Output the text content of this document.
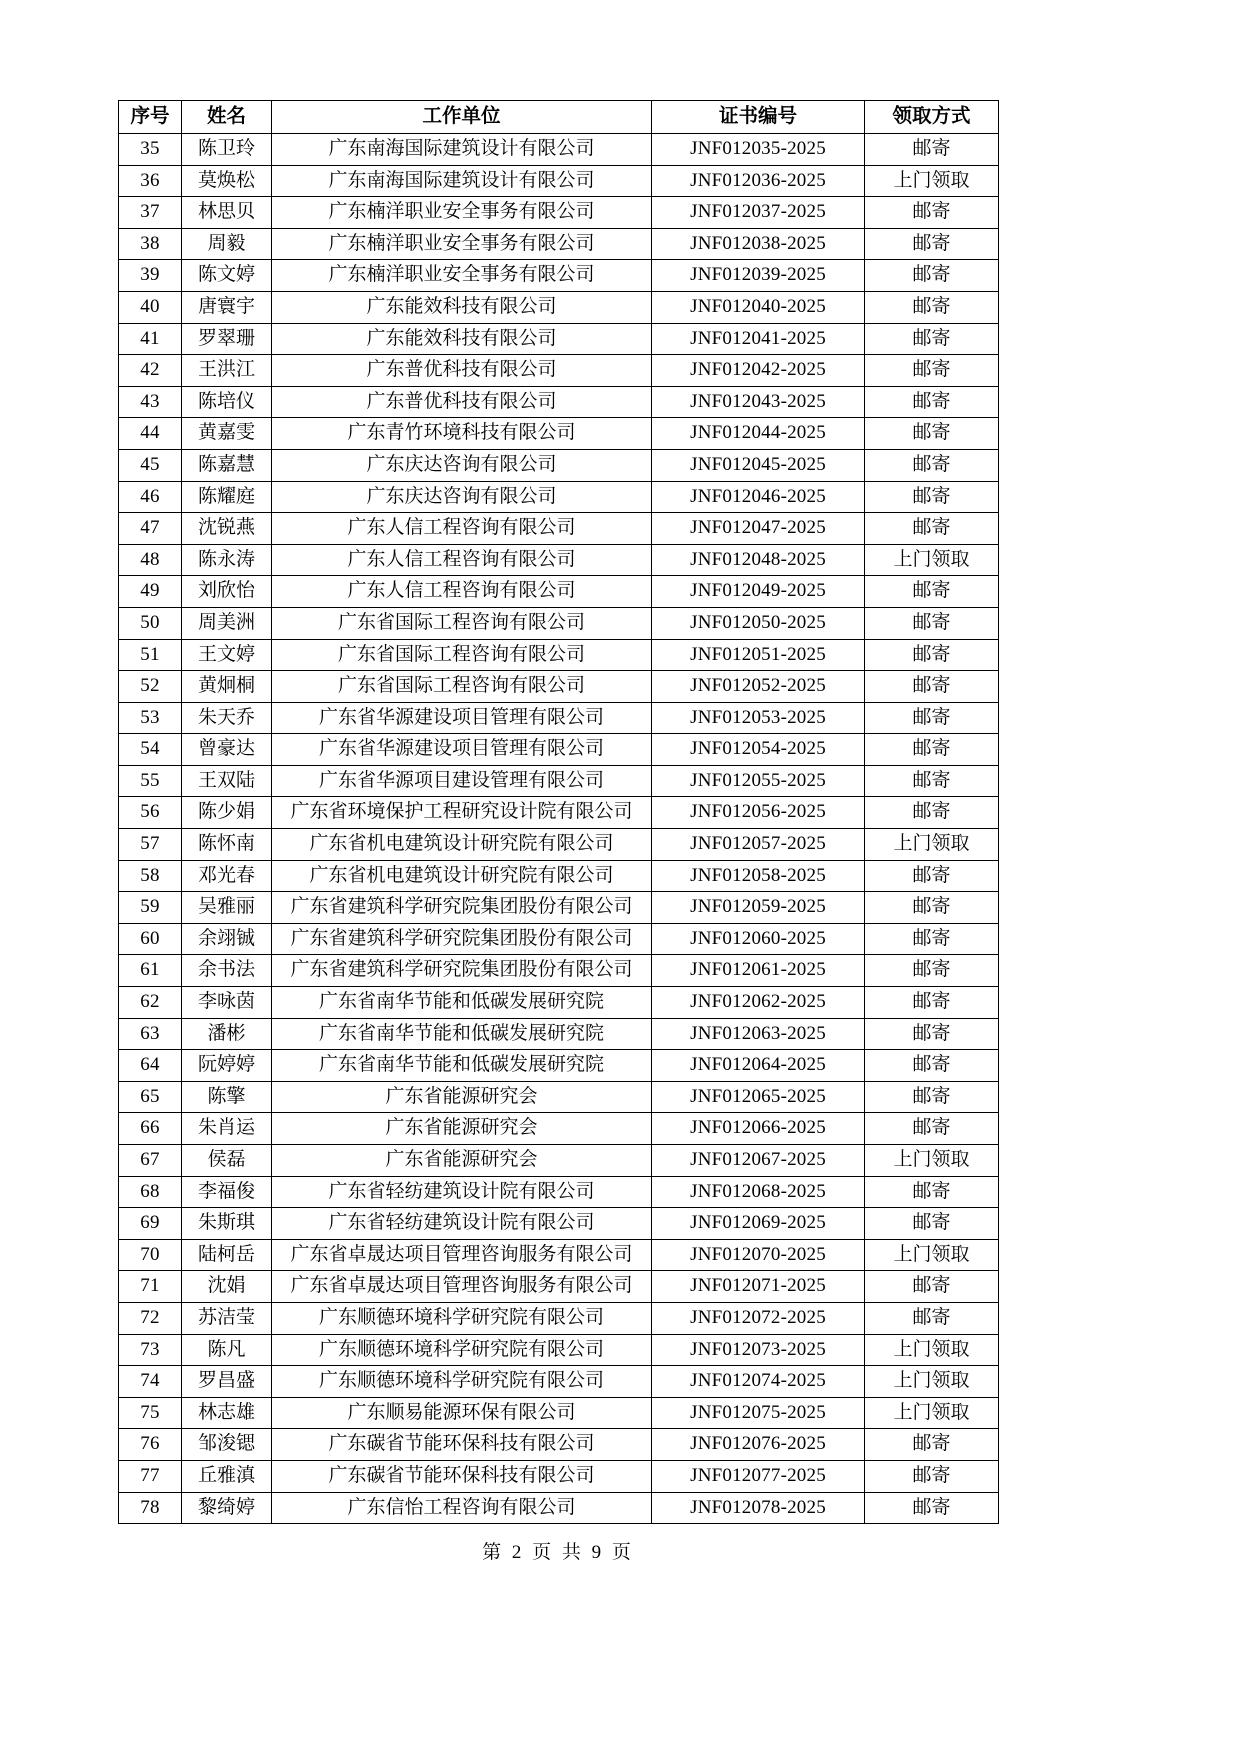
序号	姓名	工作单位	证书编号	领取方式
35	陈卫玲	广东南海国际建筑设计有限公司	JNF012035-2025	邮寄
36	莫焕松	广东南海国际建筑设计有限公司	JNF012036-2025	上门领取
37	林思贝	广东楠洋职业安全事务有限公司	JNF012037-2025	邮寄
38	周毅	广东楠洋职业安全事务有限公司	JNF012038-2025	邮寄
39	陈文婷	广东楠洋职业安全事务有限公司	JNF012039-2025	邮寄
40	唐寰宇	广东能效科技有限公司	JNF012040-2025	邮寄
41	罗翠珊	广东能效科技有限公司	JNF012041-2025	邮寄
42	王洪江	广东普优科技有限公司	JNF012042-2025	邮寄
43	陈培仪	广东普优科技有限公司	JNF012043-2025	邮寄
44	黄嘉雯	广东青竹环境科技有限公司	JNF012044-2025	邮寄
45	陈嘉慧	广东庆达咨询有限公司	JNF012045-2025	邮寄
46	陈耀庭	广东庆达咨询有限公司	JNF012046-2025	邮寄
47	沈锐燕	广东人信工程咨询有限公司	JNF012047-2025	邮寄
48	陈永涛	广东人信工程咨询有限公司	JNF012048-2025	上门领取
49	刘欣怡	广东人信工程咨询有限公司	JNF012049-2025	邮寄
50	周美洲	广东省国际工程咨询有限公司	JNF012050-2025	邮寄
51	王文婷	广东省国际工程咨询有限公司	JNF012051-2025	邮寄
52	黄炯桐	广东省国际工程咨询有限公司	JNF012052-2025	邮寄
53	朱天乔	广东省华源建设项目管理有限公司	JNF012053-2025	邮寄
54	曾豪达	广东省华源建设项目管理有限公司	JNF012054-2025	邮寄
55	王双陆	广东省华源项目建设管理有限公司	JNF012055-2025	邮寄
56	陈少娟	广东省环境保护工程研究设计院有限公司	JNF012056-2025	邮寄
57	陈怀南	广东省机电建筑设计研究院有限公司	JNF012057-2025	上门领取
58	邓光春	广东省机电建筑设计研究院有限公司	JNF012058-2025	邮寄
59	吴雅丽	广东省建筑科学研究院集团股份有限公司	JNF012059-2025	邮寄
60	余翊铖	广东省建筑科学研究院集团股份有限公司	JNF012060-2025	邮寄
61	余书法	广东省建筑科学研究院集团股份有限公司	JNF012061-2025	邮寄
62	李咏茵	广东省南华节能和低碳发展研究院	JNF012062-2025	邮寄
63	潘彬	广东省南华节能和低碳发展研究院	JNF012063-2025	邮寄
64	阮婷婷	广东省南华节能和低碳发展研究院	JNF012064-2025	邮寄
65	陈擎	广东省能源研究会	JNF012065-2025	邮寄
66	朱肖运	广东省能源研究会	JNF012066-2025	邮寄
67	侯磊	广东省能源研究会	JNF012067-2025	上门领取
68	李福俊	广东省轻纺建筑设计院有限公司	JNF012068-2025	邮寄
69	朱斯琪	广东省轻纺建筑设计院有限公司	JNF012069-2025	邮寄
70	陆柯岳	广东省卓晟达项目管理咨询服务有限公司	JNF012070-2025	上门领取
71	沈娟	广东省卓晟达项目管理咨询服务有限公司	JNF012071-2025	邮寄
72	苏洁莹	广东顺德环境科学研究院有限公司	JNF012072-2025	邮寄
73	陈凡	广东顺德环境科学研究院有限公司	JNF012073-2025	上门领取
74	罗昌盛	广东顺德环境科学研究院有限公司	JNF012074-2025	上门领取
75	林志雄	广东顺易能源环保有限公司	JNF012075-2025	上门领取
76	邹浚锶	广东碳省节能环保科技有限公司	JNF012076-2025	邮寄
77	丘雅滇	广东碳省节能环保科技有限公司	JNF012077-2025	邮寄
78	黎绮婷	广东信怡工程咨询有限公司	JNF012078-2025	邮寄
第 2 页 共 9 页
